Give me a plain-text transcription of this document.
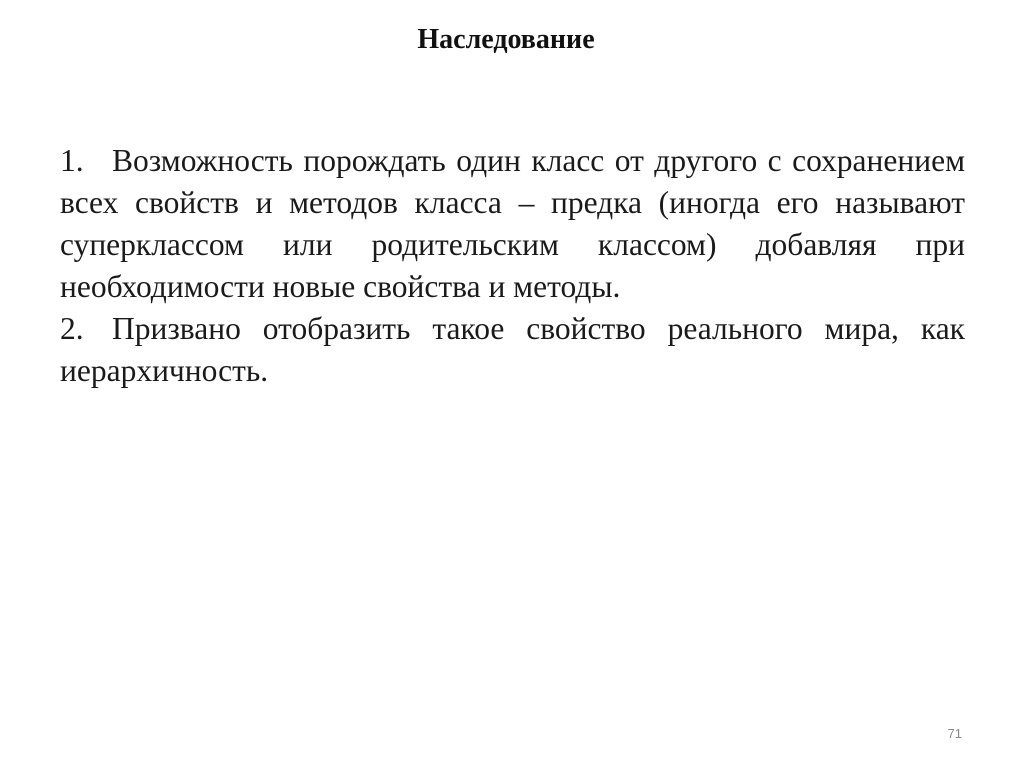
Наследование

1. Возможность порождать один класс от другого с сохранением всех свойств и методов класса – предка (иногда его называют суперклассом или родительским классом) добавляя при необходимости новые свойства и методы.

2. Призвано отобразить такое свойство реального мира, как иерархичность.

71
